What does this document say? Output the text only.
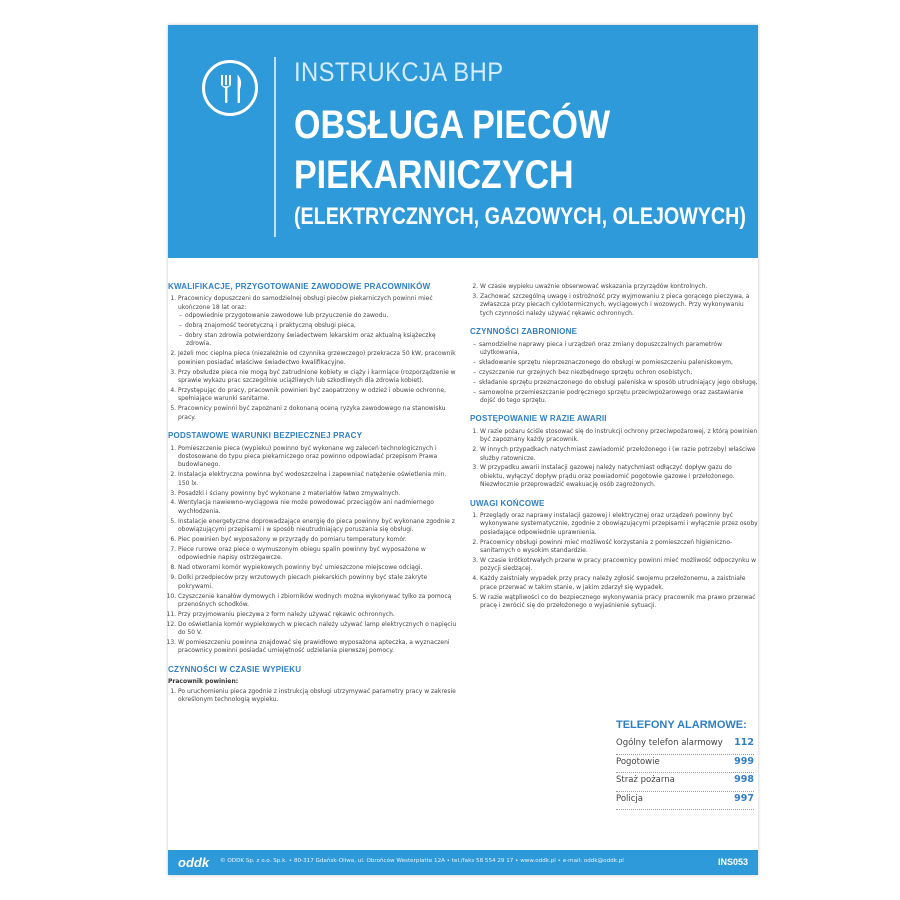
INSTRUKCJA BHP
OBSŁUGA PIECÓW
PIEKARNICZYCH
(ELEKTRYCZNYCH, GAZOWYCH, OLEJOWYCH)
KWALIFIKACJE, PRZYGOTOWANIE ZAWODOWE PRACOWNIKÓW
1. Pracownicy dopuszczeni do samodzielnej obsługi pieców piekarniczych powinni mieć ukończone 18 lat oraz:
– odpowiednie przygotowanie zawodowe lub przyuczenie do zawodu,
– dobrą znajomość teoretyczną i praktyczną obsługi pieca,
– dobry stan zdrowia potwierdzony świadectwem lekarskim oraz aktualną książeczkę zdrowia.
2. Jeżeli moc cieplna pieca (niezależnie od czynnika grzewczego) przekracza 50 kW, pracownik powinien posiadać właściwe świadectwo kwalifikacyjne.
3. Przy obsłudze pieca nie mogą być zatrudnione kobiety w ciąży i karmiące (rozporządzenie w sprawie wykazu prac szczególnie uciążliwych lub szkodliwych dla zdrowia kobiet).
4. Przystępując do pracy, pracownik powinien być zaopatrzony w odzież i obuwie ochronne, spełniające warunki sanitarne.
5. Pracownicy powinni być zapoznani z dokonaną oceną ryzyka zawodowego na stanowisku pracy.
PODSTAWOWE WARUNKI BEZPIECZNEJ PRACY
1. Pomieszczenie pieca (wypieku) powinno być wykonane wg zaleceń technologicznych i dostosowane do typu pieca piekarniczego oraz powinno odpowiadać przepisom Prawa budowlanego.
2. Instalacja elektryczna powinna być wodoszczelna i zapewniać natężenie oświetlenia min. 150 lx.
3. Posadzki i ściany powinny być wykonane z materiałów łatwo zmywalnych.
4. Wentylacja nawiewno-wyciągowa nie może powodować przeciągów ani nadmiernego wychłodzenia.
5. Instalacje energetyczne doprowadzające energię do pieca powinny być wykonane zgodnie z obowiązującymi przepisami i w sposób nieutrudniający poruszania się obsługi.
6. Piec powinien być wyposażony w przyrządy do pomiaru temperatury komór.
7. Piece rurowe oraz piece o wymuszonym obiegu spalin powinny być wyposażone w odpowiednie napisy ostrzegawcze.
8. Nad otworami komór wypiekowych powinny być umieszczone miejscowe odciągi.
9. Dolki przedpieców przy wrzutowych piecach piekarskich powinny być stale zakryte pokrywami.
10. Czyszczenie kanałów dymowych i zbiorników wodnych można wykonywać tylko za pomocą przenośnych schodków.
11. Przy przyjmowaniu pieczywa z form należy używać rękawic ochronnych.
12. Do oświetlania komór wypiekowych w piecach należy używać lamp elektrycznych o napięciu do 50 V.
13. W pomieszczeniu powinna znajdować się prawidłowo wyposażona apteczka, a wyznaczeni pracownicy powinni posiadać umiejętność udzielania pierwszej pomocy.
CZYNNOŚCI W CZASIE WYPIEKU
Pracownik powinien:
1. Po uruchomieniu pieca zgodnie z instrukcją obsługi utrzymywać parametry pracy w zakresie określonym technologią wypieku.
2. W czasie wypieku uważnie obserwować wskazania przyrządów kontrolnych.
3. Zachować szczególną uwagę i ostrożność przy wyjmowaniu z pieca gorącego pieczywa, a zwłaszcza przy piecach cyklotermicznych, wyciągowych i wozowych. Przy wykonywaniu tych czynności należy używać rękawic ochronnych.
CZYNNOŚCI ZABRONIONE
– samodzielne naprawy pieca i urządzeń oraz zmiany dopuszczalnych parametrów użytkowania,
– składowanie sprzętu nieprzeznaczonego do obsługi w pomieszczeniu paleniskowym,
– czyszczenie rur grzejnych bez niezbędnego sprzętu ochron osobistych,
– składanie sprzętu przeznaczonego do obsługi paleniska w sposób utrudniający jego obsługę,
– samowolne przemieszczanie podręcznego sprzętu przeciwpożarowego oraz zastawianie dojść do tego sprzętu.
POSTĘPOWANIE W RAZIE AWARII
1. W razie pożaru ściśle stosować się do instrukcji ochrony przeciwpożarowej, z którą powinien być zapoznany każdy pracownik.
2. W innych przypadkach natychmiast zawiadomić przełożonego i (w razie potrzeby) właściwe służby ratownicze.
3. W przypadku awarii instalacji gazowej należy natychmiast odłączyć dopływ gazu do obiektu, wyłączyć dopływ prądu oraz powiadomić pogotowie gazowe i przełożonego. Niezwłocznie przeprowadzić ewakuację osób zagrożonych.
UWAGI KOŃCOWE
1. Przeglądy oraz naprawy instalacji gazowej i elektrycznej oraz urządzeń powinny być wykonywane systematycznie, zgodnie z obowiązującymi przepisami i wyłącznie przez osoby posiadające odpowiednie uprawnienia.
2. Pracownicy obsługi powinni mieć możliwość korzystania z pomieszczeń higieniczno-sanitarnych o wysokim standardzie.
3. W czasie krótkotrwałych przerw w pracy pracownicy powinni mieć możliwość odpoczynku w pozycji siedzącej.
4. Każdy zaistniały wypadek przy pracy należy zgłosić swojemu przełożonemu, a zaistniałe prace przerwać w takim stanie, w jakim zdarzył się wypadek.
5. W razie wątpliwości co do bezpiecznego wykonywania pracy pracownik ma prawo przerwać pracę i zwrócić się do przełożonego o wyjaśnienie sytuacji.
TELEFONY ALARMOWE:
Ogólny telefon alarmowy 112
Pogotowie	999
Straż pożarna	998
Policja	997
oddk © ODDK Sp. z o.o. Sp.k. • 80-317 Gdańsk-Oliwa, ul. Obrońców Westerplatte 12A • tel./faks 58 554 29 17 • www.oddk.pl • e-mail: oddk@oddk.pl	INS053
